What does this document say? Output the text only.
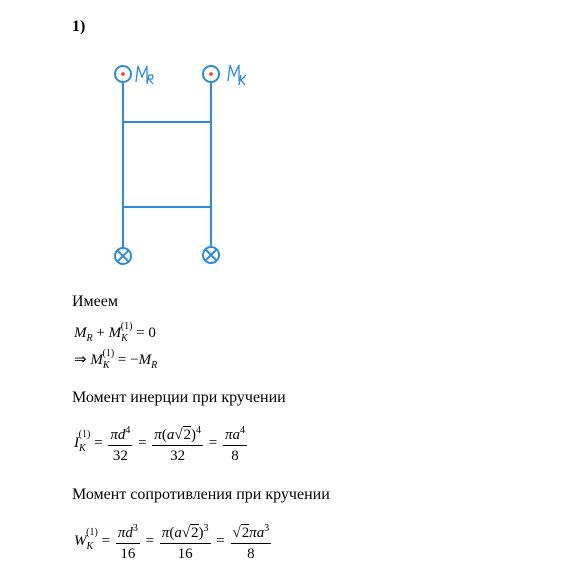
1)
Имеем
$M_R + M_K^{(1)} = 0$
⇒ $M_K^{(1)} = -M_R$
Момент инерции при кручении
$I_K^{(1)} = \frac{\pi d^4}{32} = \frac{\pi(a√2)^4}{32} = \frac{\pi a^4}{8}$
Момент сопротивления при кручении
$W_K^{(1)} = \frac{\pi d^3}{16} = \frac{\pi(a√2)^3}{16} = \frac{√2\pi a^3}{8}$
